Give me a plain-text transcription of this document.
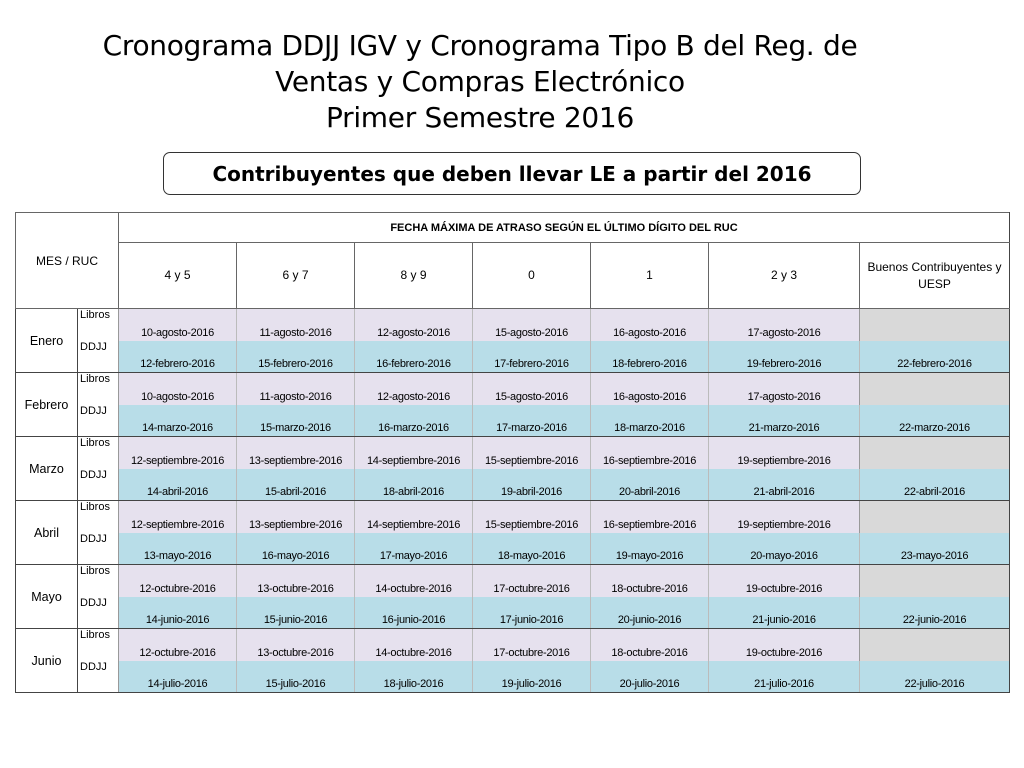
Cronograma DDJJ IGV y Cronograma Tipo B del Reg. de
Ventas y Compras Electrónico
Primer Semestre 2016
Contribuyentes que deben llevar LE a partir del 2016
MES / RUC		FECHA MÁXIMA DE ATRASO SEGÚN EL ÚLTIMO DÍGITO DEL RUC						
		4 y 5	6 y 7	8 y 9	0	1	2 y 3	Buenos Contribuyentes y UESP
Enero	Libros	10-agosto-2016	11-agosto-2016	12-agosto-2016	15-agosto-2016	16-agosto-2016	17-agosto-2016	
	DDJJ	12-febrero-2016	15-febrero-2016	16-febrero-2016	17-febrero-2016	18-febrero-2016	19-febrero-2016	22-febrero-2016
Febrero	Libros	10-agosto-2016	11-agosto-2016	12-agosto-2016	15-agosto-2016	16-agosto-2016	17-agosto-2016	
	DDJJ	14-marzo-2016	15-marzo-2016	16-marzo-2016	17-marzo-2016	18-marzo-2016	21-marzo-2016	22-marzo-2016
Marzo	Libros	12-septiembre-2016	13-septiembre-2016	14-septiembre-2016	15-septiembre-2016	16-septiembre-2016	19-septiembre-2016	
	DDJJ	14-abril-2016	15-abril-2016	18-abril-2016	19-abril-2016	20-abril-2016	21-abril-2016	22-abril-2016
Abril	Libros	12-septiembre-2016	13-septiembre-2016	14-septiembre-2016	15-septiembre-2016	16-septiembre-2016	19-septiembre-2016	
	DDJJ	13-mayo-2016	16-mayo-2016	17-mayo-2016	18-mayo-2016	19-mayo-2016	20-mayo-2016	23-mayo-2016
Mayo	Libros	12-octubre-2016	13-octubre-2016	14-octubre-2016	17-octubre-2016	18-octubre-2016	19-octubre-2016	
	DDJJ	14-junio-2016	15-junio-2016	16-junio-2016	17-junio-2016	20-junio-2016	21-junio-2016	22-junio-2016
Junio	Libros	12-octubre-2016	13-octubre-2016	14-octubre-2016	17-octubre-2016	18-octubre-2016	19-octubre-2016	
	DDJJ	14-julio-2016	15-julio-2016	18-julio-2016	19-julio-2016	20-julio-2016	21-julio-2016	22-julio-2016
